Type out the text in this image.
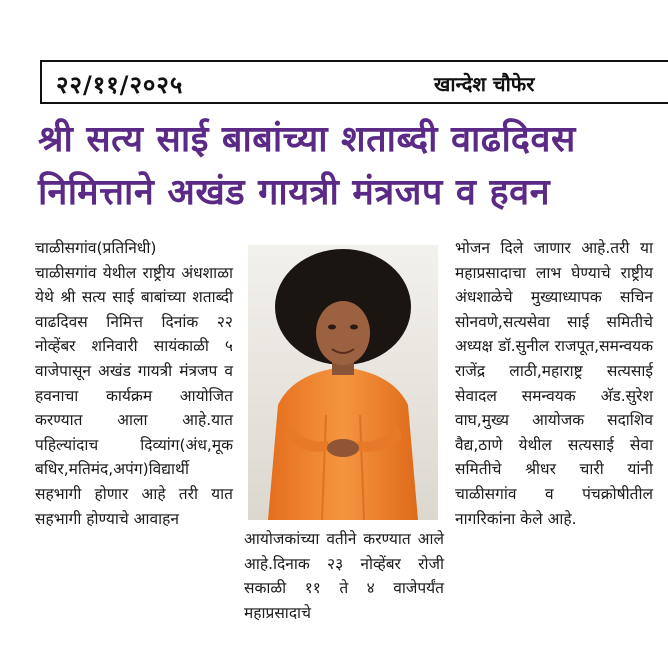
२२/११/२०२५	खान्देश चौफेर
श्री सत्य साई बाबांच्या शताब्दी वाढदिवस
निमित्ताने अखंड गायत्री मंत्रजप व हवन

चाळीसगांव(प्रतिनिधी)

चाळीसगांव येथील राष्ट्रीय अंधशाळा येथे श्री सत्य साई बाबांच्या शताब्दी वाढदिवस निमित्त दिनांक २२ नोव्हेंबर शनिवारी सायंकाळी ५ वाजेपासून अखंड गायत्री मंत्रजप व हवनाचा कार्यक्रम आयोजित करण्यात आला आहे.यात पहिल्यांदाच दिव्यांग(अंध,मूक बधिर,मतिमंद,अपंग)विद्यार्थी सहभागी होणार आहे तरी यात सहभागी होण्याचे आवाहन

आयोजकांच्या वतीने करण्यात आले आहे.दिनाक २३ नोव्हेंबर रोजी सकाळी ११ ते ४ वाजेपर्यंत महाप्रसादाचे

भोजन दिले जाणार आहे.तरी या महाप्रसादाचा लाभ घेण्याचे राष्ट्रीय अंधशाळेचे मुख्याध्यापक सचिन सोनवणे,सत्यसेवा साई समितीचे अध्यक्ष डॉ.सुनील राजपूत,समन्वयक राजेंद्र लाठी,महाराष्ट्र सत्यसाई सेवादल समन्वयक अ‍ॅड.सुरेश वाघ,मुख्य आयोजक सदाशिव वैद्य,ठाणे येथील सत्यसाई सेवा समितीचे श्रीधर चारी यांनी चाळीसगांव व पंचक्रोषीतील नागरिकांना केले आहे.
